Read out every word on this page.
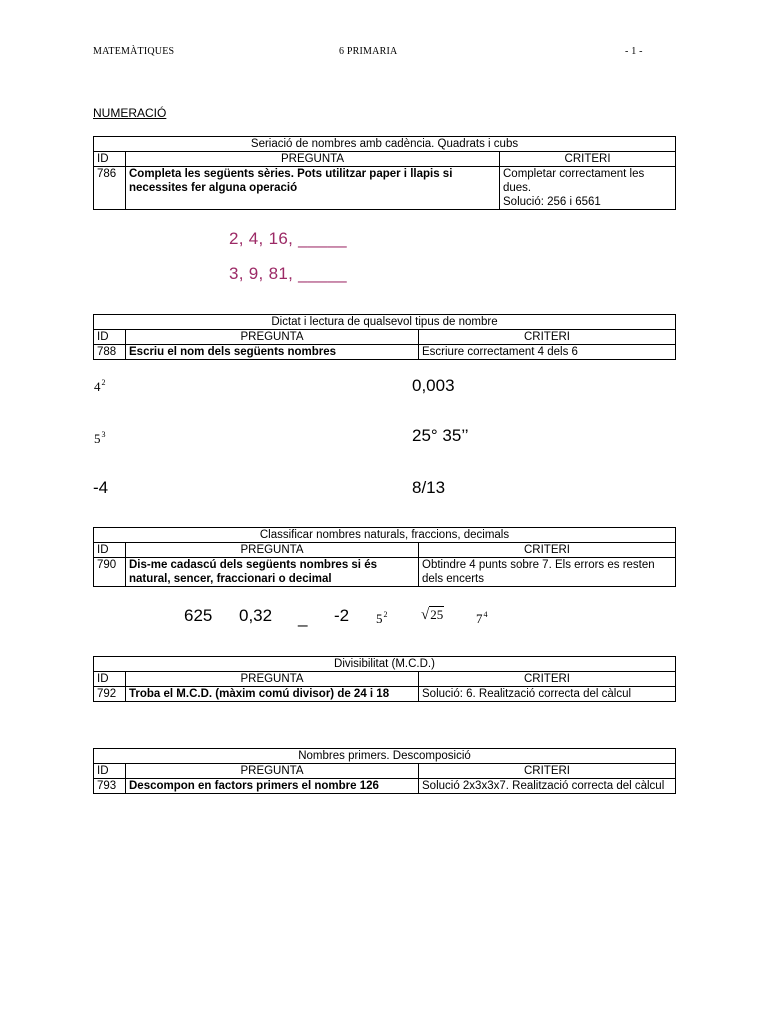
MATEMÀTIQUES	6 PRIMARIA	- 1 -
NUMERACIÓ
Seriació de nombres amb cadència. Quadrats i cubs		
ID	PREGUNTA	CRITERI
786	Completa les següents sèries. Pots utilitzar paper i llapis si necessites fer alguna operació	Completar correctament les dues.
Solució: 256 i 6561
2, 4, 16, _____
3, 9, 81, _____
Dictat i lectura de qualsevol tipus de nombre		
ID	PREGUNTA	CRITERI
788	Escriu el nom dels següents nombres	Escriure correctament 4 dels 6
$4^2$	0,003
$5^3$	25° 35’’
-4	8/13
Classificar nombres naturals, fraccions, decimals		
ID	PREGUNTA	CRITERI
790	Dis-me cadascú dels següents nombres si és natural, sencer, fraccionari o decimal	Obtindre 4 punts sobre 7. Els errors es resten dels encerts
625 0,32 _ -2 $5^2$ √25	$7^4$
Divisibilitat (M.C.D.)		
ID	PREGUNTA	CRITERI
792	Troba el M.C.D. (màxim comú divisor) de 24 i 18	Solució: 6. Realització correcta del càlcul
Nombres primers. Descomposició		
ID	PREGUNTA	CRITERI
793	Descompon en factors primers el nombre 126	Solució 2x3x3x7. Realització correcta del càlcul
